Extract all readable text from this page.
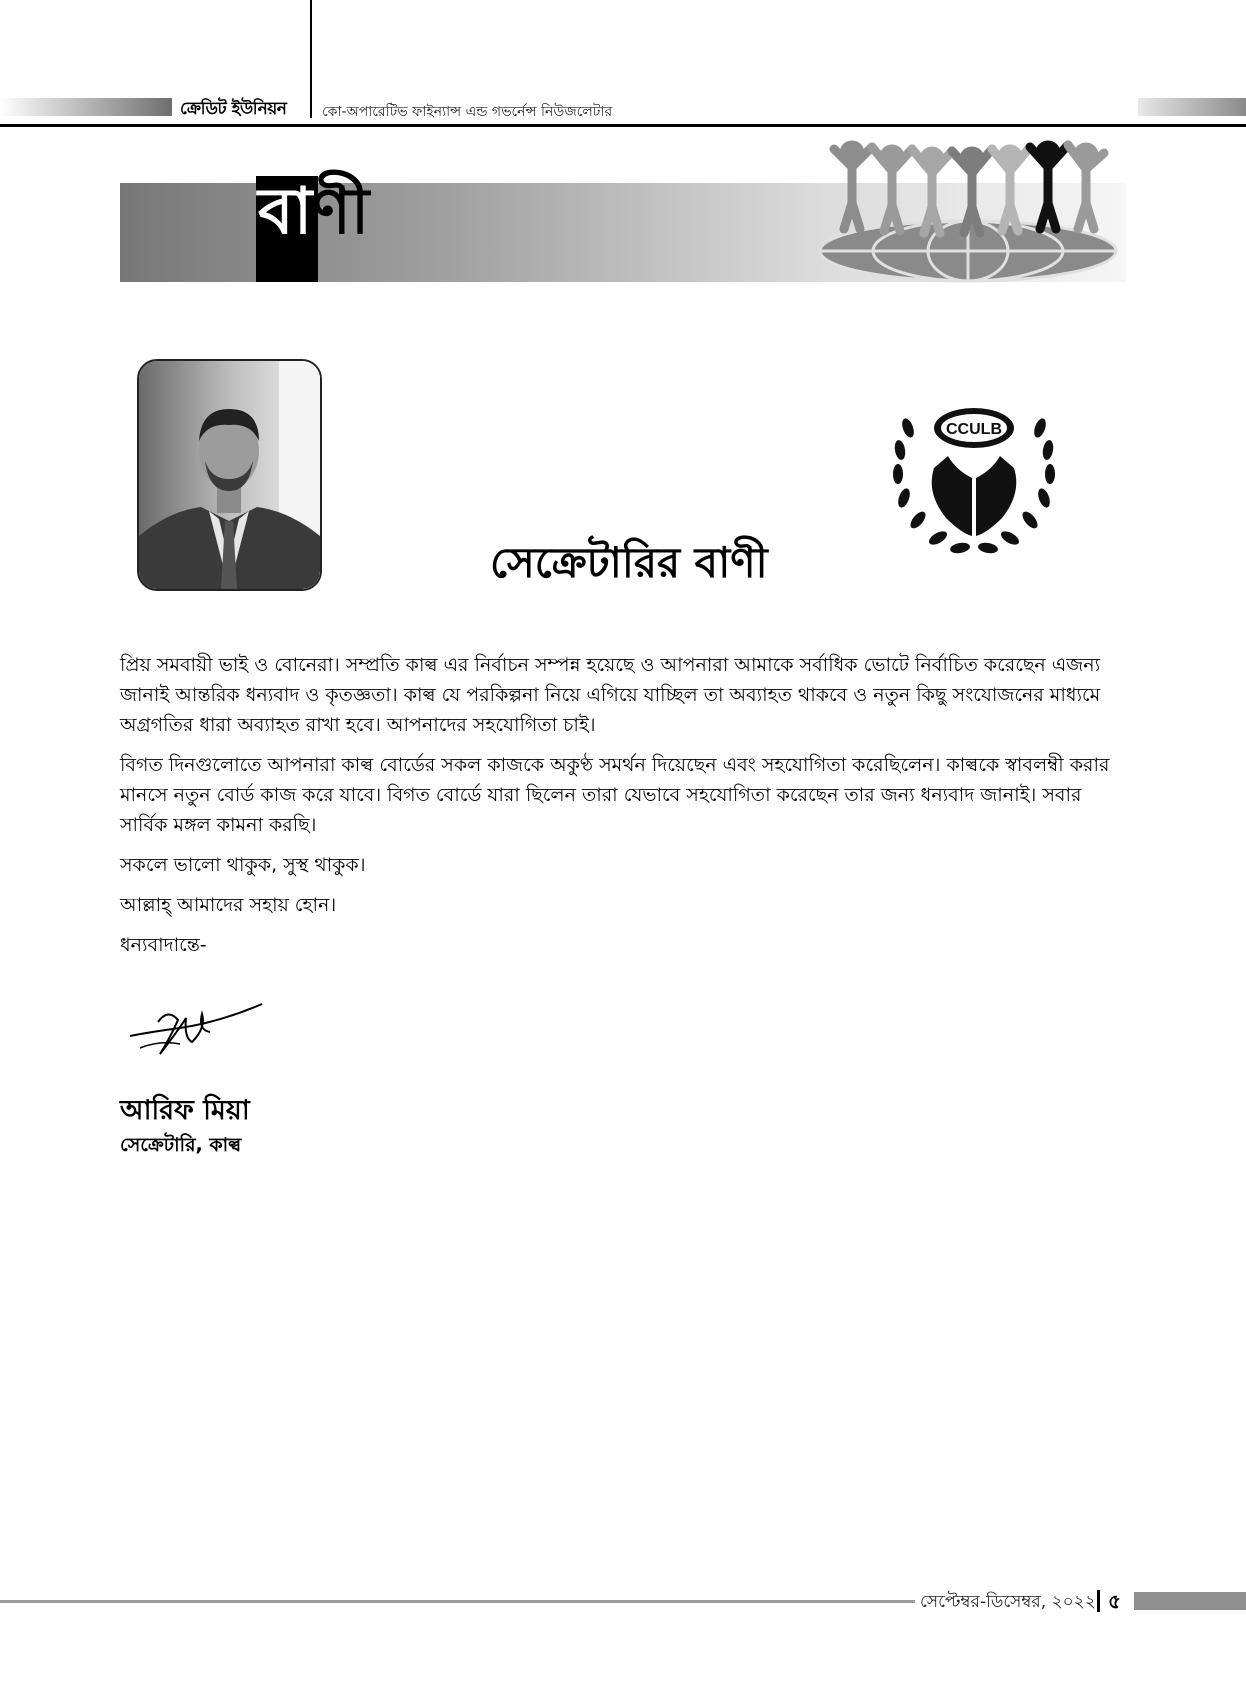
ক্রেডিট ইউনিয়ন	কো-অপারেটিভ ফাইন্যান্স এন্ড গভর্নেন্স নিউজলেটার
বাণী
CCULB
সেক্রেটারির বাণী

প্রিয় সমবায়ী ভাই ও বোনেরা। সম্প্রতি কাল্ব এর নির্বাচন সম্পন্ন হয়েছে ও আপনারা আমাকে সর্বাধিক ভোটে নির্বাচিত করেছেন এজন্য জানাই আন্তরিক ধন্যবাদ ও কৃতজ্ঞতা। কাল্ব যে পরকিল্পনা নিয়ে এগিয়ে যাচ্ছিল তা অব্যাহত থাকবে ও নতুন কিছু সংযোজনের মাধ্যমে অগ্রগতির ধারা অব্যাহত রাখা হবে। আপনাদের সহযোগিতা চাই।

বিগত দিনগুলোতে আপনারা কাল্ব বোর্ডের সকল কাজকে অকুণ্ঠ সমর্থন দিয়েছেন এবং সহযোগিতা করেছিলেন। কাল্বকে স্বাবলম্বী করার মানসে নতুন বোর্ড কাজ করে যাবে। বিগত বোর্ডে যারা ছিলেন তারা যেভাবে সহযোগিতা করেছেন তার জন্য ধন্যবাদ জানাই। সবার সার্বিক মঙ্গল কামনা করছি।

সকলে ভালো থাকুক, সুস্থ থাকুক।

আল্লাহ্‌ আমাদের সহায় হোন।

ধন্যবাদান্তে-

আরিফ মিয়া
সেক্রেটারি, কাল্ব
সেপ্টেম্বর-ডিসেম্বর, ২০২২ ৫
